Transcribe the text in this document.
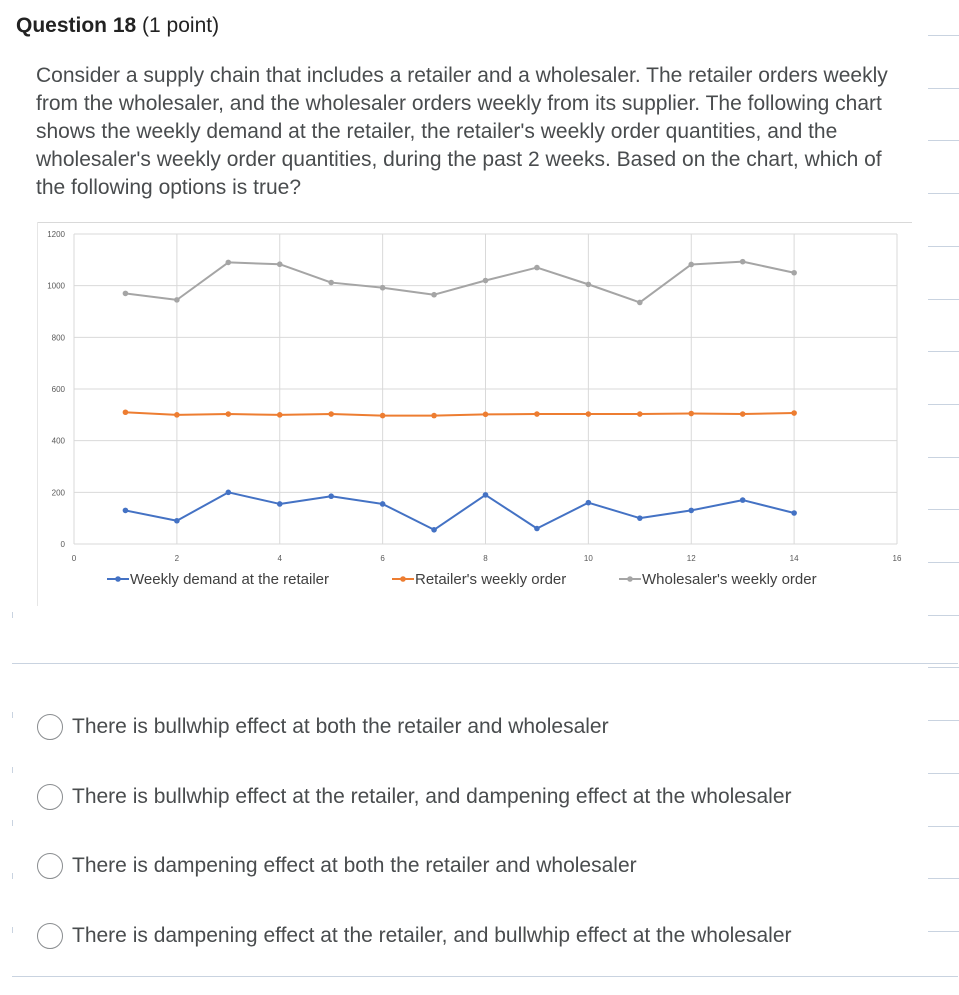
Question 18 (1 point)
Consider a supply chain that includes a retailer and a wholesaler. The retailer orders weekly from the wholesaler, and the wholesaler orders weekly from its supplier. The following chart shows the weekly demand at the retailer, the retailer's weekly order quantities, and the wholesaler's weekly order quantities, during the past 2 weeks. Based on the chart, which of the following options is true?
0
200
400
600
800
1000
1200
0	2	4	6	8	10	12	14	16
Weekly demand at the retailer	Retailer's weekly order	Wholesaler's weekly order
There is bullwhip effect at both the retailer and wholesaler
There is bullwhip effect at the retailer, and dampening effect at the wholesaler
There is dampening effect at both the retailer and wholesaler
There is dampening effect at the retailer, and bullwhip effect at the wholesaler
